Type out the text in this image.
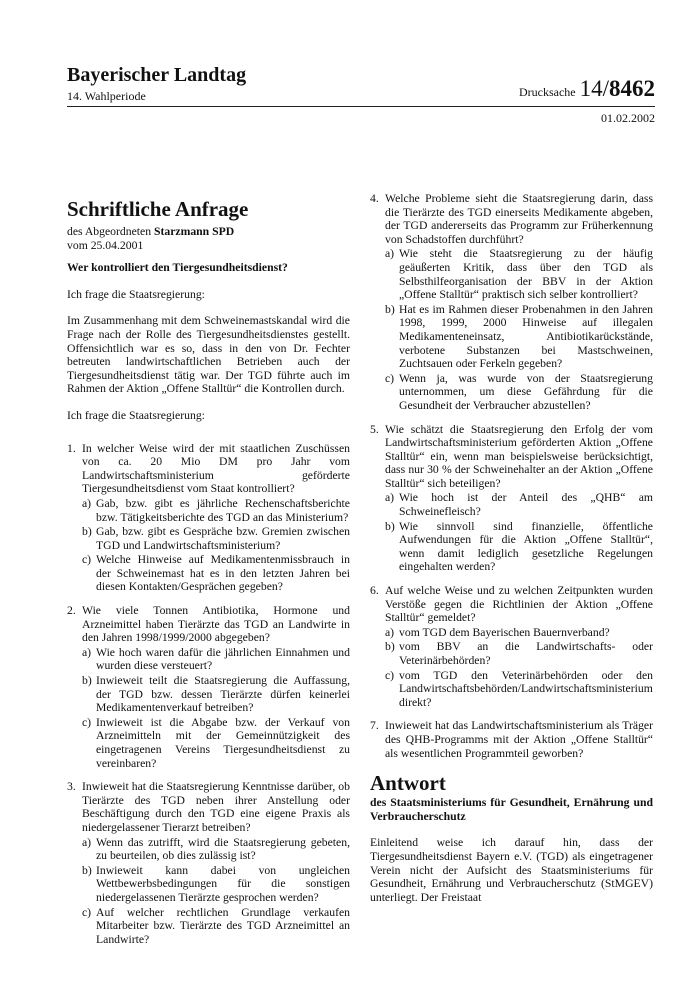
Bayerischer Landtag
14. Wahlperiode	Drucksache 14/ 8462
01.02.2002
Schriftliche Anfrage

des Abgeordneten Starzmann SPD

vom 25.04.2001

Wer kontrolliert den Tiergesundheitsdienst?

Ich frage die Staatsregierung:

Im Zusammenhang mit dem Schweinemastskandal wird die Frage nach der Rolle des Tiergesundheitsdienstes gestellt. Offensichtlich war es so, dass in den von Dr. Fechter betreuten landwirtschaftlichen Betrieben auch der Tiergesundheitsdienst tätig war. Der TGD führte auch im Rahmen der Aktion „Offene Stalltür“ die Kontrollen durch.

Ich frage die Staatsregierung:

1. In welcher Weise wird der mit staatlichen Zuschüssen von ca. 20 Mio DM pro Jahr vom Landwirtschaftsministerium geförderte Tiergesundheitsdienst vom Staat kontrolliert?

a) Gab, bzw. gibt es jährliche Rechenschaftsberichte bzw. Tätigkeitsberichte des TGD an das Ministerium?
b) Gab, bzw. gibt es Gespräche bzw. Gremien zwischen TGD und Landwirtschaftsministerium?
c) Welche Hinweise auf Medikamentenmissbrauch in der Schweinemast hat es in den letzten Jahren bei diesen Kontakten/Gesprächen gegeben?
2. Wie viele Tonnen Antibiotika, Hormone und Arzneimittel haben Tierärzte das TGD an Landwirte in den Jahren 1998/1999/2000 abgegeben?

a) Wie hoch waren dafür die jährlichen Einnahmen und wurden diese versteuert?
b) Inwieweit teilt die Staatsregierung die Auffassung, der TGD bzw. dessen Tierärzte dürfen keinerlei Medikamentenverkauf betreiben?
c) Inwieweit ist die Abgabe bzw. der Verkauf von Arzneimitteln mit der Gemeinnützigkeit des eingetragenen Vereins Tiergesundheitsdienst zu vereinbaren?
3. Inwieweit hat die Staatsregierung Kenntnisse darüber, ob Tierärzte des TGD neben ihrer Anstellung oder Beschäftigung durch den TGD eine eigene Praxis als niedergelassener Tierarzt betreiben?

a) Wenn das zutrifft, wird die Staatsregierung gebeten, zu beurteilen, ob dies zulässig ist?
b) Inwieweit kann dabei von ungleichen Wettbewerbsbedingungen für die sonstigen niedergelassenen Tierärzte gesprochen werden?
c) Auf welcher rechtlichen Grundlage verkaufen Mitarbeiter bzw. Tierärzte des TGD Arzneimittel an Landwirte?
4. Welche Probleme sieht die Staatsregierung darin, dass die Tierärzte des TGD einerseits Medikamente abgeben, der TGD andererseits das Programm zur Früherkennung von Schadstoffen durchführt?

a) Wie steht die Staatsregierung zu der häufig geäußerten Kritik, dass über den TGD als Selbsthilfeorganisation der BBV in der Aktion „Offene Stalltür“ praktisch sich selber kontrolliert?
b) Hat es im Rahmen dieser Probenahmen in den Jahren 1998, 1999, 2000 Hinweise auf illegalen Medikamenteneinsatz, Antibiotikarückstände, verbotene Substanzen bei Mastschweinen, Zuchtsauen oder Ferkeln gegeben?
c) Wenn ja, was wurde von der Staatsregierung unternommen, um diese Gefährdung für die Gesundheit der Verbraucher abzustellen?
5. Wie schätzt die Staatsregierung den Erfolg der vom Landwirtschaftsministerium geförderten Aktion „Offene Stalltür“ ein, wenn man beispielsweise berücksichtigt, dass nur 30 % der Schweinehalter an der Aktion „Offene Stalltür“ sich beteiligen?

a) Wie hoch ist der Anteil des „QHB“ am Schweinefleisch?
b) Wie sinnvoll sind finanzielle, öffentliche Aufwendungen für die Aktion „Offene Stalltür“, wenn damit lediglich gesetzliche Regelungen eingehalten werden?
6. Auf welche Weise und zu welchen Zeitpunkten wurden Verstöße gegen die Richtlinien der Aktion „Offene Stalltür“ gemeldet?

a) vom TGD dem Bayerischen Bauernverband?
b) vom BBV an die Landwirtschafts- oder Veterinärbehörden?
c) vom TGD den Veterinärbehörden oder den Landwirtschaftsbehörden/Landwirtschaftsministerium direkt?
7. Inwieweit hat das Landwirtschaftsministerium als Träger des QHB-Programms mit der Aktion „Offene Stalltür“ als wesentlichen Programmteil geworben?

Antwort

des Staatsministeriums für Gesundheit, Ernährung und Verbraucherschutz

Einleitend weise ich darauf hin, dass der Tiergesundheitsdienst Bayern e.V. (TGD) als eingetragener Verein nicht der Aufsicht des Staatsministeriums für Gesundheit, Ernährung und Verbraucherschutz (StMGEV) unterliegt. Der Freistaat
